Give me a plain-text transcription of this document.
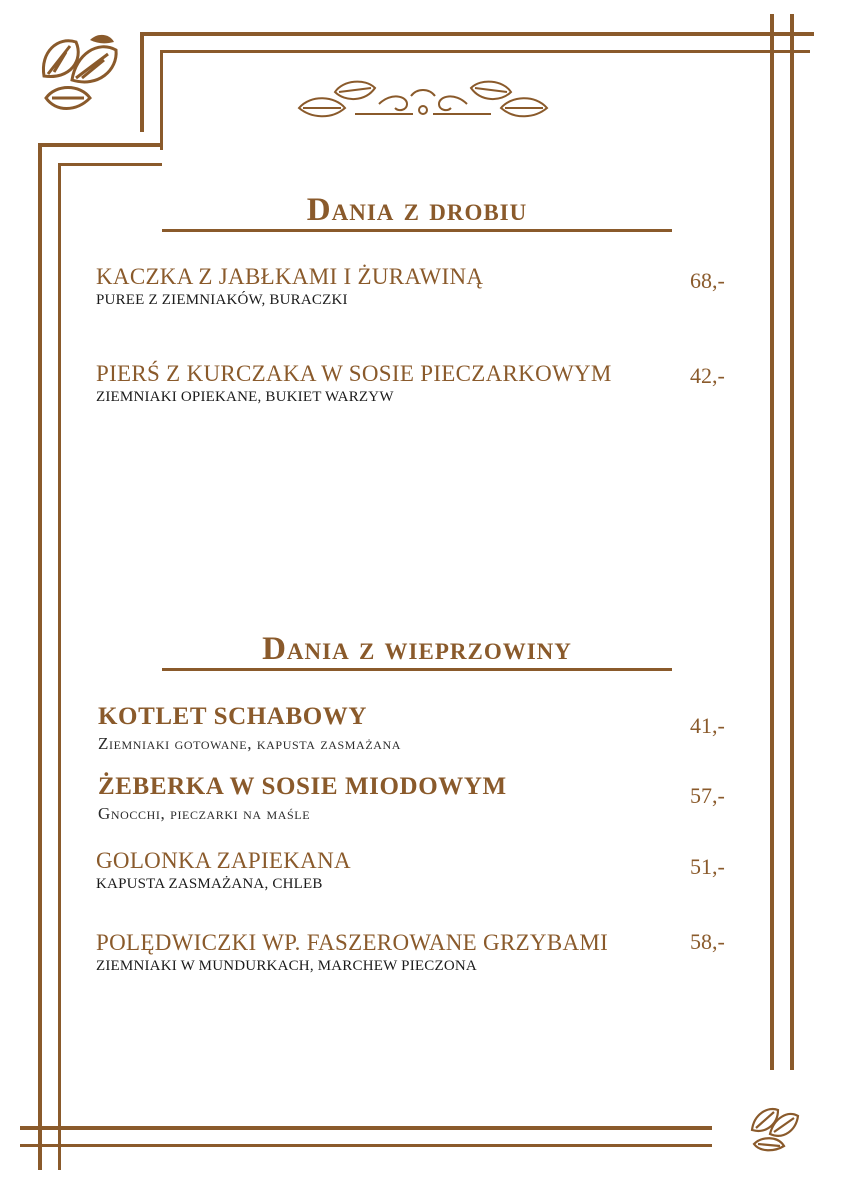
Dania z drobiu
KACZKA Z JABŁKAMI I ŻURAWINĄ
PUREE Z ZIEMNIAKÓW, BURACZKI
68,-
PIERŚ Z KURCZAKA W SOSIE PIECZARKOWYM
ZIEMNIAKI OPIEKANE, BUKIET WARZYW
42,-
Dania z wieprzowiny
KOTLET SCHABOWY
Ziemniaki gotowane, kapusta zasmażana
41,-
ŻEBERKA W SOSIE MIODOWYM
Gnocchi, pieczarki na maśle
57,-
GOLONKA ZAPIEKANA
KAPUSTA ZASMAŻANA, CHLEB
51,-
POLĘDWICZKI WP. FASZEROWANE GRZYBAMI
ZIEMNIAKI W MUNDURKACH, MARCHEW PIECZONA
58,-
